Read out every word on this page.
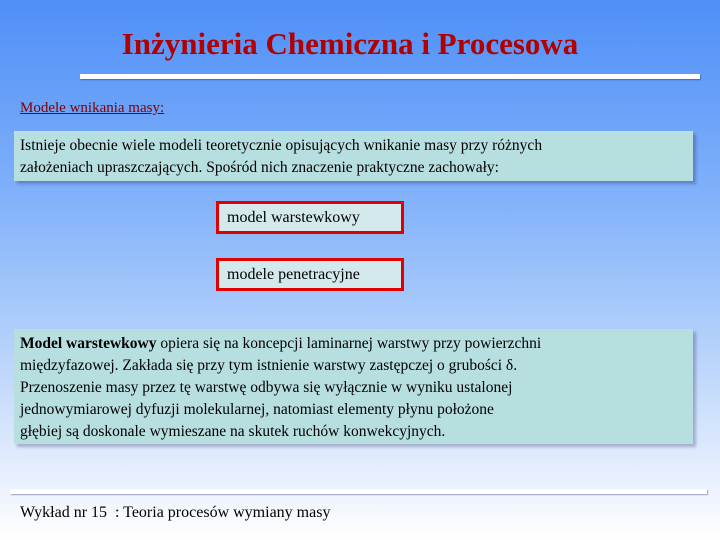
Inżynieria Chemiczna i Procesowa
Modele wnikania masy:
Istnieje obecnie wiele modeli teoretycznie opisujących wnikanie masy przy różnych
założeniach upraszczających. Spośród nich znaczenie praktyczne zachowały:
model warstewkowy
modele penetracyjne
Model warstewkowy opiera się na koncepcji laminarnej warstwy przy powierzchni
międzyfazowej. Zakłada się przy tym istnienie warstwy zastępczej o grubości δ.
Przenoszenie masy przez tę warstwę odbywa się wyłącznie w wyniku ustalonej
jednowymiarowej dyfuzji molekularnej, natomiast elementy płynu położone
głębiej są doskonale wymieszane na skutek ruchów konwekcyjnych.
Wykład nr 15  : Teoria procesów wymiany masy
